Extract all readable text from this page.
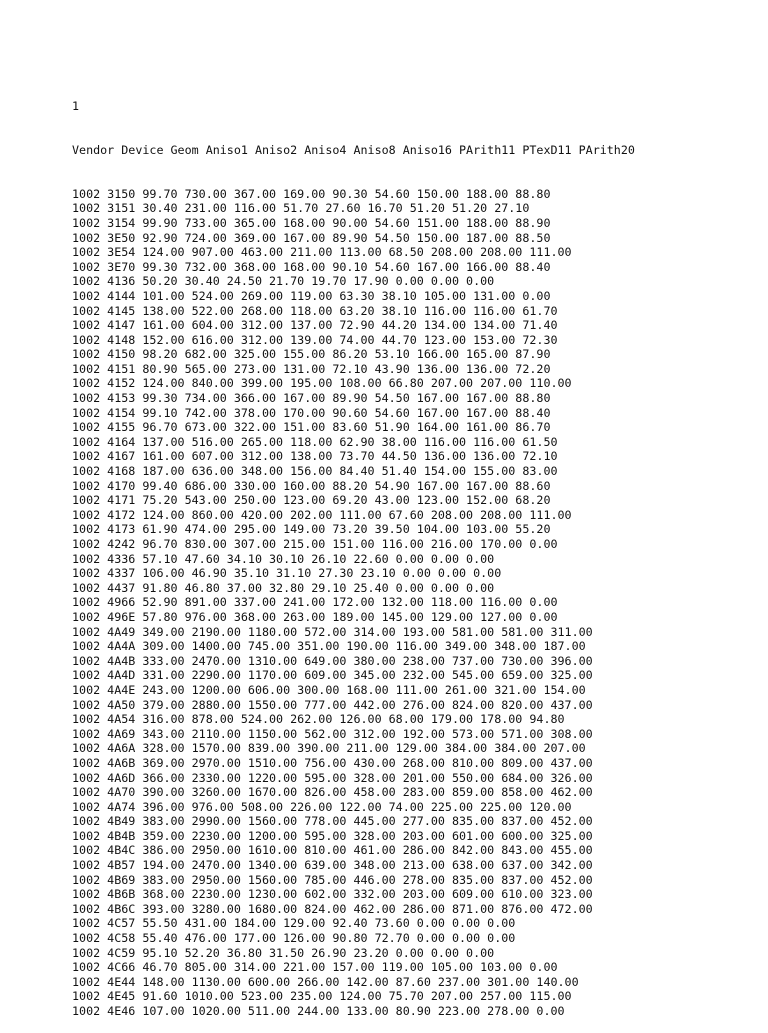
1

Vendor Device Geom Aniso1 Aniso2 Aniso4 Aniso8 Aniso16 PArith11 PTexD11 PArith20

1002 3150 99.70 730.00 367.00 169.00 90.30 54.60 150.00 188.00 88.80
1002 3151 30.40 231.00 116.00 51.70 27.60 16.70 51.20 51.20 27.10
1002 3154 99.90 733.00 365.00 168.00 90.00 54.60 151.00 188.00 88.90
1002 3E50 92.90 724.00 369.00 167.00 89.90 54.50 150.00 187.00 88.50
1002 3E54 124.00 907.00 463.00 211.00 113.00 68.50 208.00 208.00 111.00
1002 3E70 99.30 732.00 368.00 168.00 90.10 54.60 167.00 166.00 88.40
1002 4136 50.20 30.40 24.50 21.70 19.70 17.90 0.00 0.00 0.00
1002 4144 101.00 524.00 269.00 119.00 63.30 38.10 105.00 131.00 0.00
1002 4145 138.00 522.00 268.00 118.00 63.20 38.10 116.00 116.00 61.70
1002 4147 161.00 604.00 312.00 137.00 72.90 44.20 134.00 134.00 71.40
1002 4148 152.00 616.00 312.00 139.00 74.00 44.70 123.00 153.00 72.30
1002 4150 98.20 682.00 325.00 155.00 86.20 53.10 166.00 165.00 87.90
1002 4151 80.90 565.00 273.00 131.00 72.10 43.90 136.00 136.00 72.20
1002 4152 124.00 840.00 399.00 195.00 108.00 66.80 207.00 207.00 110.00
1002 4153 99.30 734.00 366.00 167.00 89.90 54.50 167.00 167.00 88.80
1002 4154 99.10 742.00 378.00 170.00 90.60 54.60 167.00 167.00 88.40
1002 4155 96.70 673.00 322.00 151.00 83.60 51.90 164.00 161.00 86.70
1002 4164 137.00 516.00 265.00 118.00 62.90 38.00 116.00 116.00 61.50
1002 4167 161.00 607.00 312.00 138.00 73.70 44.50 136.00 136.00 72.10
1002 4168 187.00 636.00 348.00 156.00 84.40 51.40 154.00 155.00 83.00
1002 4170 99.40 686.00 330.00 160.00 88.20 54.90 167.00 167.00 88.60
1002 4171 75.20 543.00 250.00 123.00 69.20 43.00 123.00 152.00 68.20
1002 4172 124.00 860.00 420.00 202.00 111.00 67.60 208.00 208.00 111.00
1002 4173 61.90 474.00 295.00 149.00 73.20 39.50 104.00 103.00 55.20
1002 4242 96.70 830.00 307.00 215.00 151.00 116.00 216.00 170.00 0.00
1002 4336 57.10 47.60 34.10 30.10 26.10 22.60 0.00 0.00 0.00
1002 4337 106.00 46.90 35.10 31.10 27.30 23.10 0.00 0.00 0.00
1002 4437 91.80 46.80 37.00 32.80 29.10 25.40 0.00 0.00 0.00
1002 4966 52.90 891.00 337.00 241.00 172.00 132.00 118.00 116.00 0.00
1002 496E 57.80 976.00 368.00 263.00 189.00 145.00 129.00 127.00 0.00
1002 4A49 349.00 2190.00 1180.00 572.00 314.00 193.00 581.00 581.00 311.00
1002 4A4A 309.00 1400.00 745.00 351.00 190.00 116.00 349.00 348.00 187.00
1002 4A4B 333.00 2470.00 1310.00 649.00 380.00 238.00 737.00 730.00 396.00
1002 4A4D 331.00 2290.00 1170.00 609.00 345.00 232.00 545.00 659.00 325.00
1002 4A4E 243.00 1200.00 606.00 300.00 168.00 111.00 261.00 321.00 154.00
1002 4A50 379.00 2880.00 1550.00 777.00 442.00 276.00 824.00 820.00 437.00
1002 4A54 316.00 878.00 524.00 262.00 126.00 68.00 179.00 178.00 94.80
1002 4A69 343.00 2110.00 1150.00 562.00 312.00 192.00 573.00 571.00 308.00
1002 4A6A 328.00 1570.00 839.00 390.00 211.00 129.00 384.00 384.00 207.00
1002 4A6B 369.00 2970.00 1510.00 756.00 430.00 268.00 810.00 809.00 437.00
1002 4A6D 366.00 2330.00 1220.00 595.00 328.00 201.00 550.00 684.00 326.00
1002 4A70 390.00 3260.00 1670.00 826.00 458.00 283.00 859.00 858.00 462.00
1002 4A74 396.00 976.00 508.00 226.00 122.00 74.00 225.00 225.00 120.00
1002 4B49 383.00 2990.00 1560.00 778.00 445.00 277.00 835.00 837.00 452.00
1002 4B4B 359.00 2230.00 1200.00 595.00 328.00 203.00 601.00 600.00 325.00
1002 4B4C 386.00 2950.00 1610.00 810.00 461.00 286.00 842.00 843.00 455.00
1002 4B57 194.00 2470.00 1340.00 639.00 348.00 213.00 638.00 637.00 342.00
1002 4B69 383.00 2950.00 1560.00 785.00 446.00 278.00 835.00 837.00 452.00
1002 4B6B 368.00 2230.00 1230.00 602.00 332.00 203.00 609.00 610.00 323.00
1002 4B6C 393.00 3280.00 1680.00 824.00 462.00 286.00 871.00 876.00 472.00
1002 4C57 55.50 431.00 184.00 129.00 92.40 73.60 0.00 0.00 0.00
1002 4C58 55.40 476.00 177.00 126.00 90.80 72.70 0.00 0.00 0.00
1002 4C59 95.10 52.20 36.80 31.50 26.90 23.20 0.00 0.00 0.00
1002 4C66 46.70 805.00 314.00 221.00 157.00 119.00 105.00 103.00 0.00
1002 4E44 148.00 1130.00 600.00 266.00 142.00 87.60 237.00 301.00 140.00
1002 4E45 91.60 1010.00 523.00 235.00 124.00 75.70 207.00 257.00 115.00
1002 4E46 107.00 1020.00 511.00 244.00 133.00 80.90 223.00 278.00 0.00
